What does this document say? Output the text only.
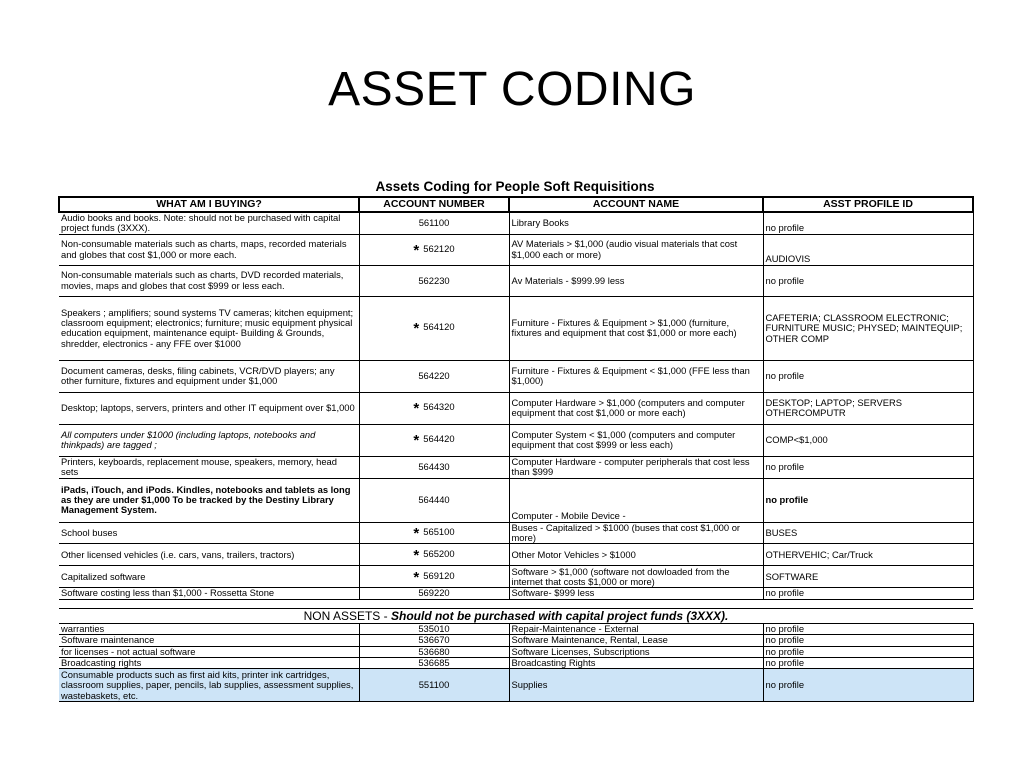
ASSET CODING
Assets Coding for People Soft Requisitions
WHAT AM I BUYING?	ACCOUNT NUMBER	ACCOUNT NAME	ASST PROFILE ID
Audio books and books. Note: should not be purchased with capital project funds (3XXX).	561100	Library Books	no profile
Non-consumable materials such as charts, maps, recorded materials and globes that cost $1,000 or more each.	* 562120	AV Materials > $1,000 (audio visual materials that cost $1,000 each or more)	AUDIOVIS
Non-consumable materials such as charts, DVD recorded materials, movies, maps and globes that cost $999 or less each.	562230	Av Materials - $999.99 less	no profile
Speakers ; amplifiers; sound systems TV cameras; kitchen equipment; classroom equipment; electronics; furniture; music equipment physical education equipment, maintenance equipt- Building & Grounds, shredder, electronics - any FFE over $1000	* 564120	Furniture - Fixtures & Equipment > $1,000 (furniture, fixtures and equipment that cost $1,000 or more each)	CAFETERIA; CLASSROOM ELECTRONIC; FURNITURE MUSIC; PHYSED; MAINTEQUIP; OTHER COMP
Document cameras, desks, filing cabinets, VCR/DVD players; any other furniture, fixtures and equipment under $1,000	564220	Furniture - Fixtures & Equipment < $1,000 (FFE less than $1,000)	no profile
Desktop; laptops, servers, printers and other IT equipment over $1,000	* 564320	Computer Hardware > $1,000 (computers and computer equipment that cost $1,000 or more each)	DESKTOP; LAPTOP; SERVERS OTHERCOMPUTR
All computers under $1000 (including laptops, notebooks and thinkpads) are tagged ;	* 564420	Computer System < $1,000 (computers and computer equipment that cost $999 or less each)	COMP<$1,000
Printers, keyboards, replacement mouse, speakers, memory, head sets	564430	Computer Hardware - computer peripherals that cost less than $999	no profile
iPads, iTouch, and iPods. Kindles, notebooks and tablets as long as they are under $1,000 To be tracked by the Destiny Library Management System.	564440	Computer - Mobile Device -	no profile
School buses	* 565100	Buses - Capitalized > $1000 (buses that cost $1,000 or more)	BUSES
Other licensed vehicles (i.e. cars, vans, trailers, tractors)	* 565200	Other Motor Vehicles > $1000	OTHERVEHIC; Car/Truck
Capitalized software	* 569120	Software > $1,000 (software not dowloaded from the internet that costs $1,000 or more)	SOFTWARE
Software costing less than $1,000 - Rossetta Stone	569220	Software- $999 less	no profile

NON ASSETS - Should not be purchased with capital project funds (3XXX).			
warranties	535010	Repair-Maintenance - External	no profile
Software maintenance	536670	Software Maintenance, Rental, Lease	no profile
for licenses - not actual software	536680	Software Licenses, Subscriptions	no profile
Broadcasting rights	536685	Broadcasting Rights	no profile
Consumable products such as first aid kits, printer ink cartridges, classroom supplies, paper, pencils, lab supplies, assessment supplies, wastebaskets, etc.	551100	Supplies	no profile
